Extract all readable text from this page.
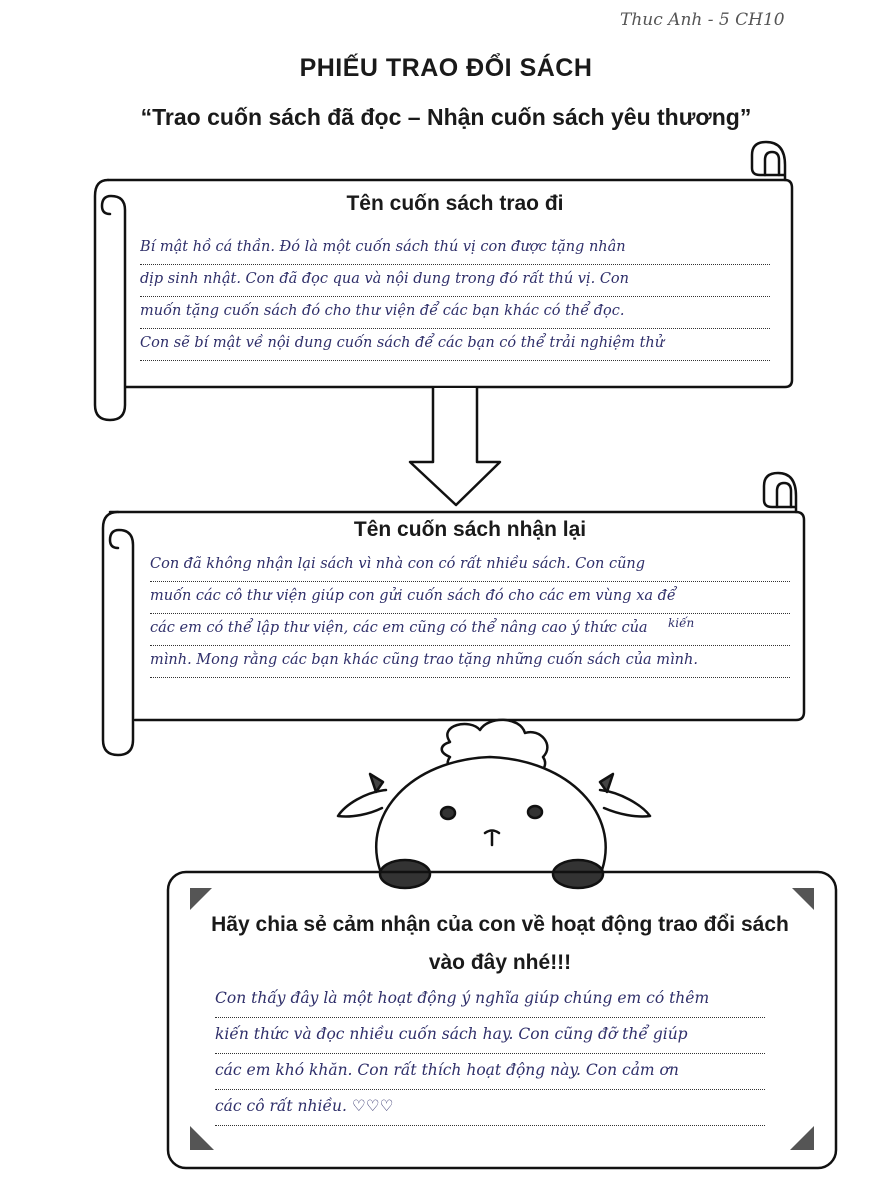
Thuc Anh - 5 CH10
PHIẾU TRAO ĐỔI SÁCH
“Trao cuốn sách đã đọc – Nhận cuốn sách yêu thương”
Tên cuốn sách trao đi
Bí mật hồ cá thần. Đó là một cuốn sách thú vị con được tặng nhân
dịp sinh nhật. Con đã đọc qua và nội dung trong đó rất thú vị. Con
muốn tặng cuốn sách đó cho thư viện để các bạn khác có thể đọc.
Con sẽ bí mật về nội dung cuốn sách để các bạn có thể trải nghiệm thử
Tên cuốn sách nhận lại
Con đã không nhận lại sách vì nhà con có rất nhiều sách. Con cũng
muốn các cô thư viện giúp con gửi cuốn sách đó cho các em vùng xa để
các em có thể lập thư viện, các em cũng có thể nâng cao ý thức của
mình. Mong rằng các bạn khác cũng trao tặng những cuốn sách của mình.
kiến
Hãy chia sẻ cảm nhận của con về hoạt động trao đổi sách
vào đây nhé!!!
Con thấy đây là một hoạt động ý nghĩa giúp chúng em có thêm
kiến thức và đọc nhiều cuốn sách hay. Con cũng đỡ thể giúp
các em khó khăn. Con rất thích hoạt động này. Con cảm ơn
các cô rất nhiều. ♡♡♡
